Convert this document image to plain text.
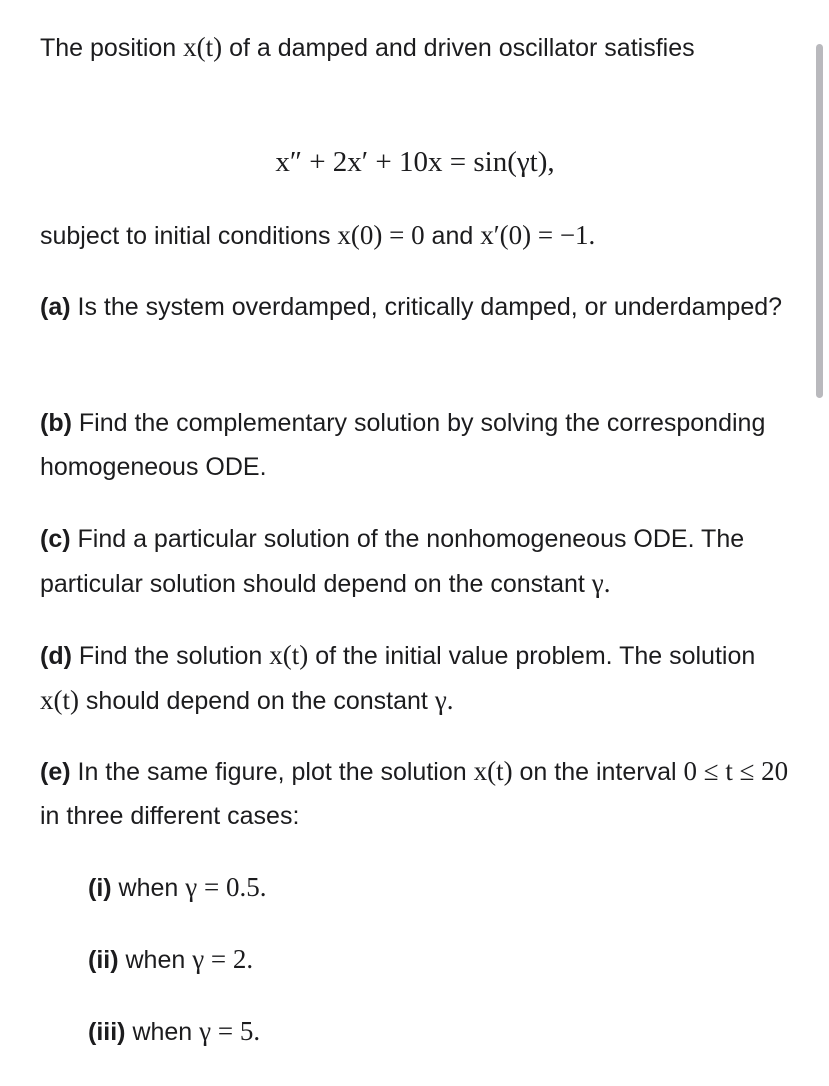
The position x(t) of a damped and driven oscillator satisfies

x″ + 2x′ + 10x = sin(γt),

subject to initial conditions x(0) = 0 and x′(0) = −1.

(a) Is the system overdamped, critically damped, or underdamped?

(b) Find the complementary solution by solving the corresponding homogeneous ODE.

(c) Find a particular solution of the nonhomogeneous ODE. The particular solution should depend on the constant γ.

(d) Find the solution x(t) of the initial value problem. The solution x(t) should depend on the constant γ.

(e) In the same figure, plot the solution x(t) on the interval 0 ≤ t ≤ 20 in three different cases:

(i) when γ = 0.5.

(ii) when γ = 2.

(iii) when γ = 5.
